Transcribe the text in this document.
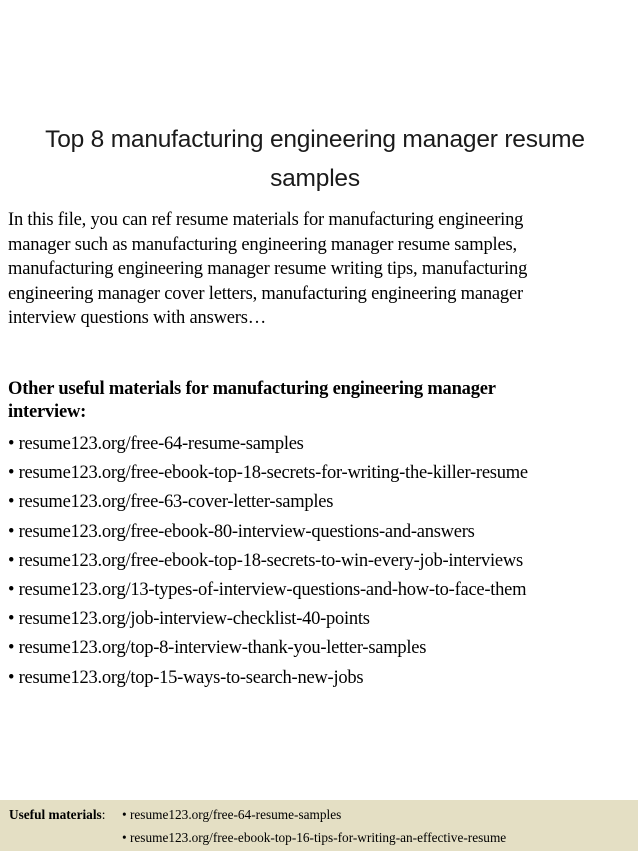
Top 8 manufacturing engineering manager resume
samples
In this file, you can ref resume materials for manufacturing engineering
manager such as manufacturing engineering manager resume samples,
manufacturing engineering manager resume writing tips, manufacturing
engineering manager cover letters, manufacturing engineering manager
interview questions with answers…
Other useful materials for manufacturing engineering manager
interview:
• resume123.org/free-64-resume-samples
• resume123.org/free-ebook-top-18-secrets-for-writing-the-killer-resume
• resume123.org/free-63-cover-letter-samples
• resume123.org/free-ebook-80-interview-questions-and-answers
• resume123.org/free-ebook-top-18-secrets-to-win-every-job-interviews
• resume123.org/13-types-of-interview-questions-and-how-to-face-them
• resume123.org/job-interview-checklist-40-points
• resume123.org/top-8-interview-thank-you-letter-samples
• resume123.org/top-15-ways-to-search-new-jobs
Useful materials: • resume123.org/free-64-resume-samples
• resume123.org/free-ebook-top-16-tips-for-writing-an-effective-resume
